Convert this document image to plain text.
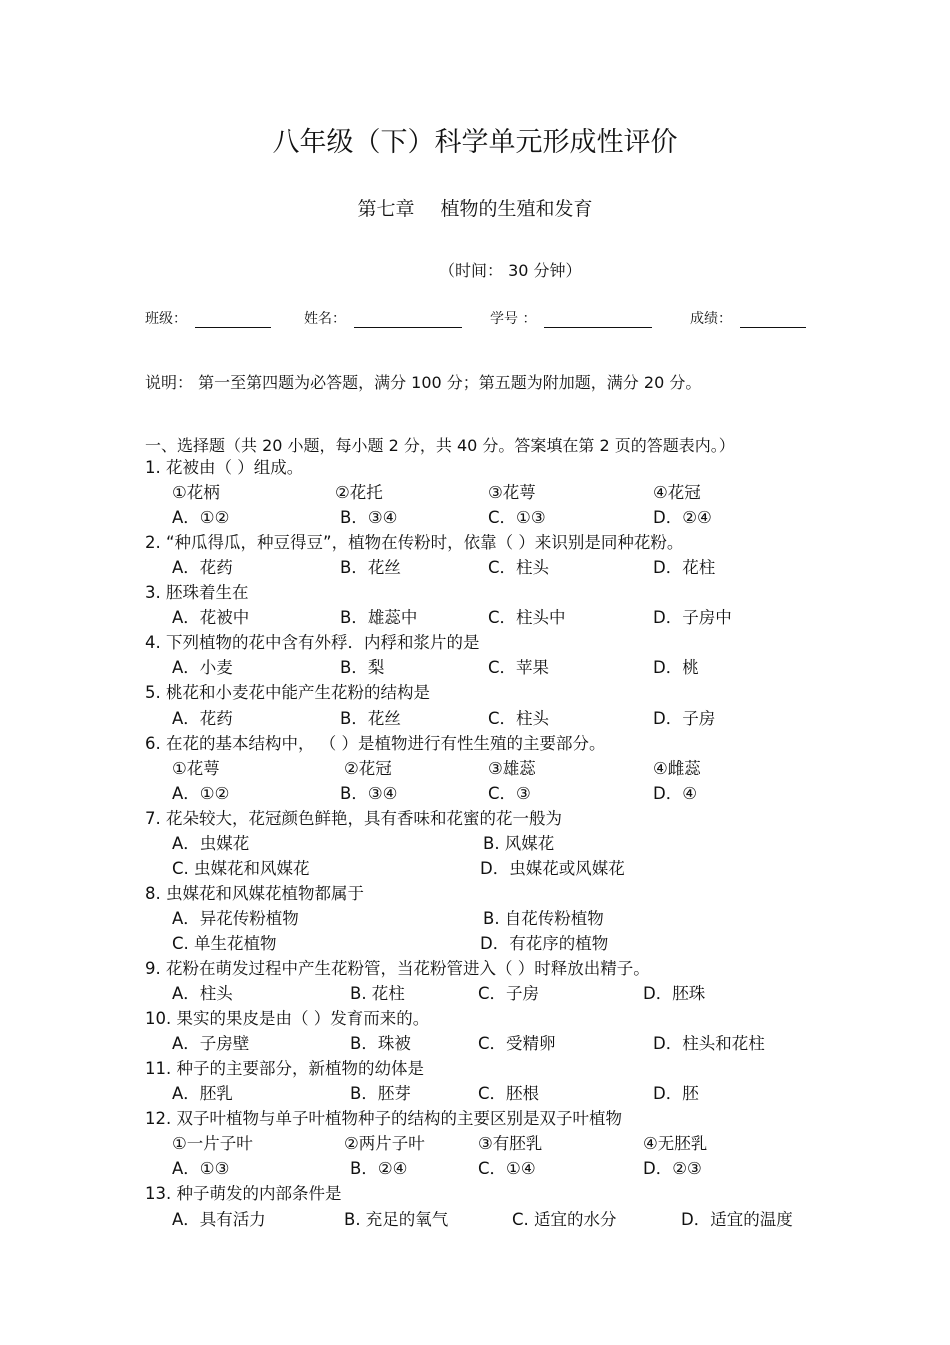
八年级（下）科学单元形成性评价
第七章 植物的生殖和发育
（时间： 30 分钟）
班级：	姓名：	学号 ：	成绩：
说明： 第一至第四题为必答题，满分 100 分；第五题为附加题，满分 20 分。
一、选择题（共 20 小题，每小题 2 分，共 40 分。答案填在第 2 页的答题表内。）
1. 花被由（ ）组成。
①花柄	②花托	③花萼	④花冠
A．①②	B．③④	C．①③	D．②④
2. “种瓜得瓜，种豆得豆”，植物在传粉时，依靠（ ）来识别是同种花粉。
A．花药	B．花丝	C．柱头	D．花柱
3. 胚珠着生在
A．花被中	B．雄蕊中	C．柱头中	D．子房中
4. 下列植物的花中含有外稃．内稃和浆片的是
A．小麦	B．梨	C．苹果	D．桃
5. 桃花和小麦花中能产生花粉的结构是
A．花药	B．花丝	C．柱头	D．子房
6. 在花的基本结构中， （ ）是植物进行有性生殖的主要部分。
①花萼	②花冠	③雄蕊	④雌蕊
A．①②	B．③④	C．③	D．④
7. 花朵较大，花冠颜色鲜艳，具有香味和花蜜的花一般为
A．虫媒花	B. 风媒花
C. 虫媒花和风媒花	D．虫媒花或风媒花
8. 虫媒花和风媒花植物都属于
A．异花传粉植物	B. 自花传粉植物
C. 单生花植物	D．有花序的植物
9. 花粉在萌发过程中产生花粉管，当花粉管进入（ ）时释放出精子。
A．柱头	B. 花柱	C．子房	D．胚珠
10. 果实的果皮是由（ ）发育而来的。
A．子房壁	B．珠被	C．受精卵	D．柱头和花柱
11. 种子的主要部分，新植物的幼体是
A．胚乳	B．胚芽	C．胚根	D．胚
12. 双子叶植物与单子叶植物种子的结构的主要区别是双子叶植物
①一片子叶	②两片子叶	③有胚乳	④无胚乳
A．①③	B．②④	C．①④	D．②③
13. 种子萌发的内部条件是
A．具有活力	B. 充足的氧气	C. 适宜的水分	D．适宜的温度
